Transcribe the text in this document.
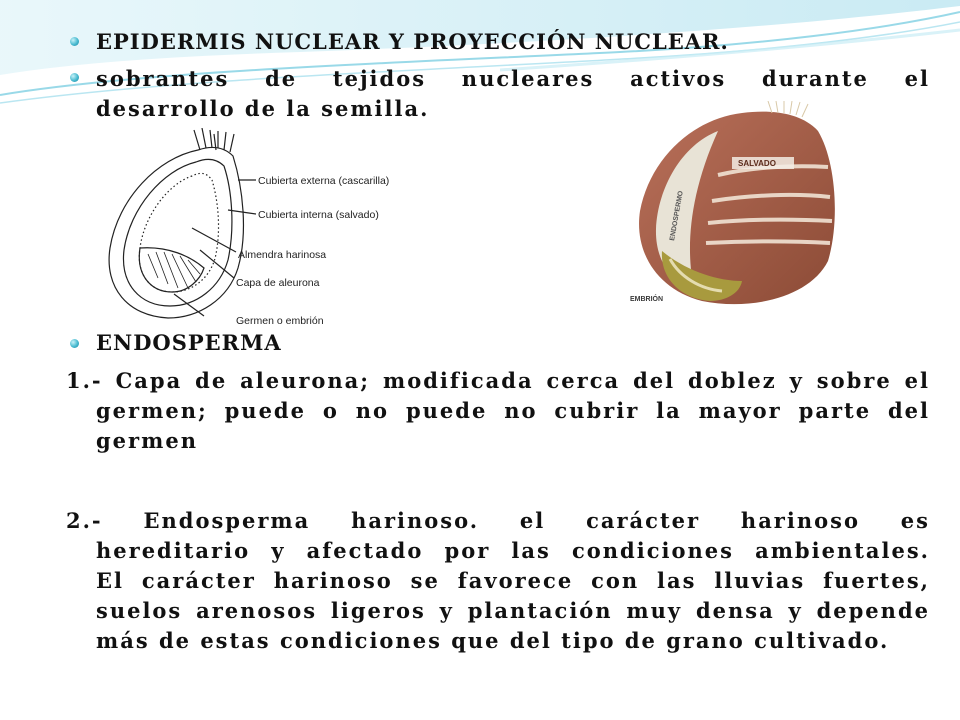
EPIDERMIS NUCLEAR Y PROYECCIÓN NUCLEAR.
sobrantes de tejidos nucleares activos durante el
desarrollo de la semilla.
Cubierta externa (cascarilla)
Cubierta interna (salvado)
Almendra harinosa
Capa de aleurona
Germen o embrión
SALVADO
ENDOSPERMO
EMBRIÓN
ENDOSPERMA
1.- Capa de aleurona; modificada cerca del doblez y sobre el
germen; puede o no puede no cubrir la mayor parte del
germen
2.- Endosperma harinoso. el carácter harinoso es
hereditario y afectado por las condiciones ambientales.
El carácter harinoso se favorece con las lluvias fuertes,
suelos arenosos ligeros y plantación muy densa y depende
más de estas condiciones que del tipo de grano cultivado.
